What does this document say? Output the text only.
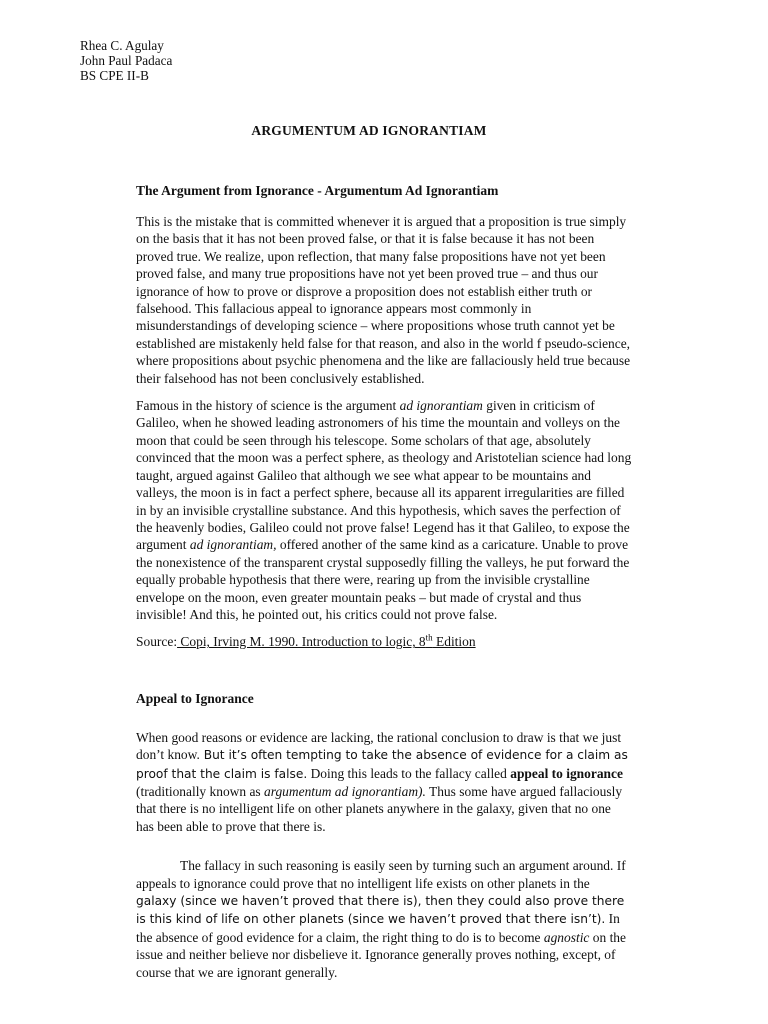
Rhea C. Agulay
John Paul Padaca
BS CPE II-B
ARGUMENTUM AD IGNORANTIAM
The Argument from Ignorance - Argumentum Ad Ignorantiam

This is the mistake that is committed whenever it is argued that a proposition is true simply on the basis that it has not been proved false, or that it is false because it has not been proved true. We realize, upon reflection, that many false propositions have not yet been proved false, and many true propositions have not yet been proved true – and thus our ignorance of how to prove or disprove a proposition does not establish either truth or falsehood. This fallacious appeal to ignorance appears most commonly in misunderstandings of developing science – where propositions whose truth cannot yet be established are mistakenly held false for that reason, and also in the world f pseudo-science, where propositions about psychic phenomena and the like are fallaciously held true because their falsehood has not been conclusively established.

Famous in the history of science is the argument ad ignorantiam given in criticism of Galileo, when he showed leading astronomers of his time the mountain and volleys on the moon that could be seen through his telescope. Some scholars of that age, absolutely convinced that the moon was a perfect sphere, as theology and Aristotelian science had long taught, argued against Galileo that although we see what appear to be mountains and valleys, the moon is in fact a perfect sphere, because all its apparent irregularities are filled in by an invisible crystalline substance. And this hypothesis, which saves the perfection of the heavenly bodies, Galileo could not prove false! Legend has it that Galileo, to expose the argument ad ignorantiam, offered another of the same kind as a caricature. Unable to prove the nonexistence of the transparent crystal supposedly filling the valleys, he put forward the equally probable hypothesis that there were, rearing up from the invisible crystalline envelope on the moon, even greater mountain peaks – but made of crystal and thus invisible! And this, he pointed out, his critics could not prove false.

Source: Copi, Irving M. 1990. Introduction to logic, 8th Edition

Appeal to Ignorance

When good reasons or evidence are lacking, the rational conclusion to draw is that we just don’t know. But it’s often tempting to take the absence of evidence for a claim as proof that the claim is false. Doing this leads to the fallacy called appeal to ignorance (traditionally known as argumentum ad ignorantiam). Thus some have argued fallaciously that there is no intelligent life on other planets anywhere in the galaxy, given that no one has been able to prove that there is.

The fallacy in such reasoning is easily seen by turning such an argument around. If appeals to ignorance could prove that no intelligent life exists on other planets in the galaxy (since we haven’t proved that there is), then they could also prove there is this kind of life on other planets (since we haven’t proved that there isn’t). In the absence of good evidence for a claim, the right thing to do is to become agnostic on the issue and neither believe nor disbelieve it. Ignorance generally proves nothing, except, of course that we are ignorant generally.
